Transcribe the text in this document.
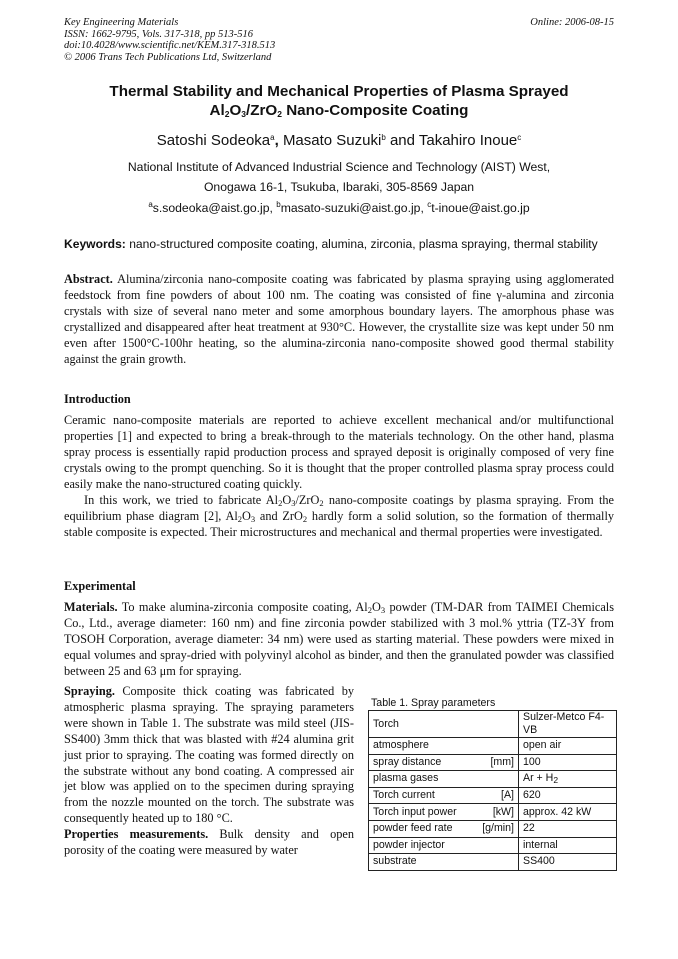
Key Engineering Materials
ISSN: 1662-9795, Vols. 317-318, pp 513-516
doi:10.4028/www.scientific.net/KEM.317-318.513
© 2006 Trans Tech Publications Ltd, Switzerland
Online: 2006-08-15
Thermal Stability and Mechanical Properties of Plasma Sprayed
$Al_2O_3/ZrO_2$ Nano-Composite Coating
Satoshi Sodeoka$^a$, Masato Suzuki$^b$ and Takahiro Inoue$^c$
National Institute of Advanced Industrial Science and Technology (AIST) West,
Onogawa 16-1, Tsukuba, Ibaraki, 305-8569 Japan
$^a$s.sodeoka@aist.go.jp, $^b$masato-suzuki@aist.go.jp, $^c$t-inoue@aist.go.jp
Keywords: nano-structured composite coating, alumina, zirconia, plasma spraying, thermal stability

Abstract. Alumina/zirconia nano-composite coating was fabricated by plasma spraying using agglomerated feedstock from fine powders of about 100 nm. The coating was consisted of fine γ-alumina and zirconia crystals with size of several nano meter and some amorphous boundary layers. The amorphous phase was crystallized and disappeared after heat treatment at 930°C. However, the crystallite size was kept under 50 nm even after 1500°C-100hr heating, so the alumina-zirconia nano-composite showed good thermal stability against the grain growth.

Introduction

Ceramic nano-composite materials are reported to achieve excellent mechanical and/or multifunctional properties [1] and expected to bring a break-through to the materials technology. On the other hand, plasma spray process is essentially rapid production process and sprayed deposit is originally composed of very fine crystals owing to the prompt quenching. So it is thought that the proper controlled plasma spray process could easily make the nano-structured coating quickly.

In this work, we tried to fabricate $Al_2O_3/ZrO_2$ nano-composite coatings by plasma spraying. From the equilibrium phase diagram [2], $Al_2O_3$ and ZrO$_2$ hardly form a solid solution, so the formation of thermally stable composite is expected. Their microstructures and mechanical and thermal properties were investigated.

Experimental

Materials. To make alumina-zirconia composite coating, $Al_2O_3$ powder (TM-DAR from TAIMEI Chemicals Co., Ltd., average diameter: 160 nm) and fine zirconia powder stabilized with 3 mol.% yttria (TZ-3Y from TOSOH Corporation, average diameter: 34 nm) were used as starting material. These powders were mixed in equal volumes and spray-dried with polyvinyl alcohol as binder, and then the granulated powder was classified between 25 and 63 μm for spraying.

Spraying. Composite thick coating was fabricated by atmospheric plasma spraying. The spraying parameters were shown in Table 1. The substrate was mild steel (JIS-SS400) 3mm thick that was blasted with #24 alumina grit just prior to spraying. The coating was formed directly on the substrate without any bond coating. A compressed air jet blow was applied on to the specimen during spraying from the nozzle mounted on the torch. The substrate was consequently heated up to 180 °C.

Properties measurements. Bulk density and open porosity of the coating were measured by water

Table 1. Spray parameters
Torch	Sulzer-Metco F4-VB

atmosphere	open air

spray distance [mm]	100

plasma gases	$Ar + H_2$

Torch current [A]	620

Torch input power [kW]	approx. 42 kW

powder feed rate [g/min]	22

powder injector	internal

substrate	SS400
